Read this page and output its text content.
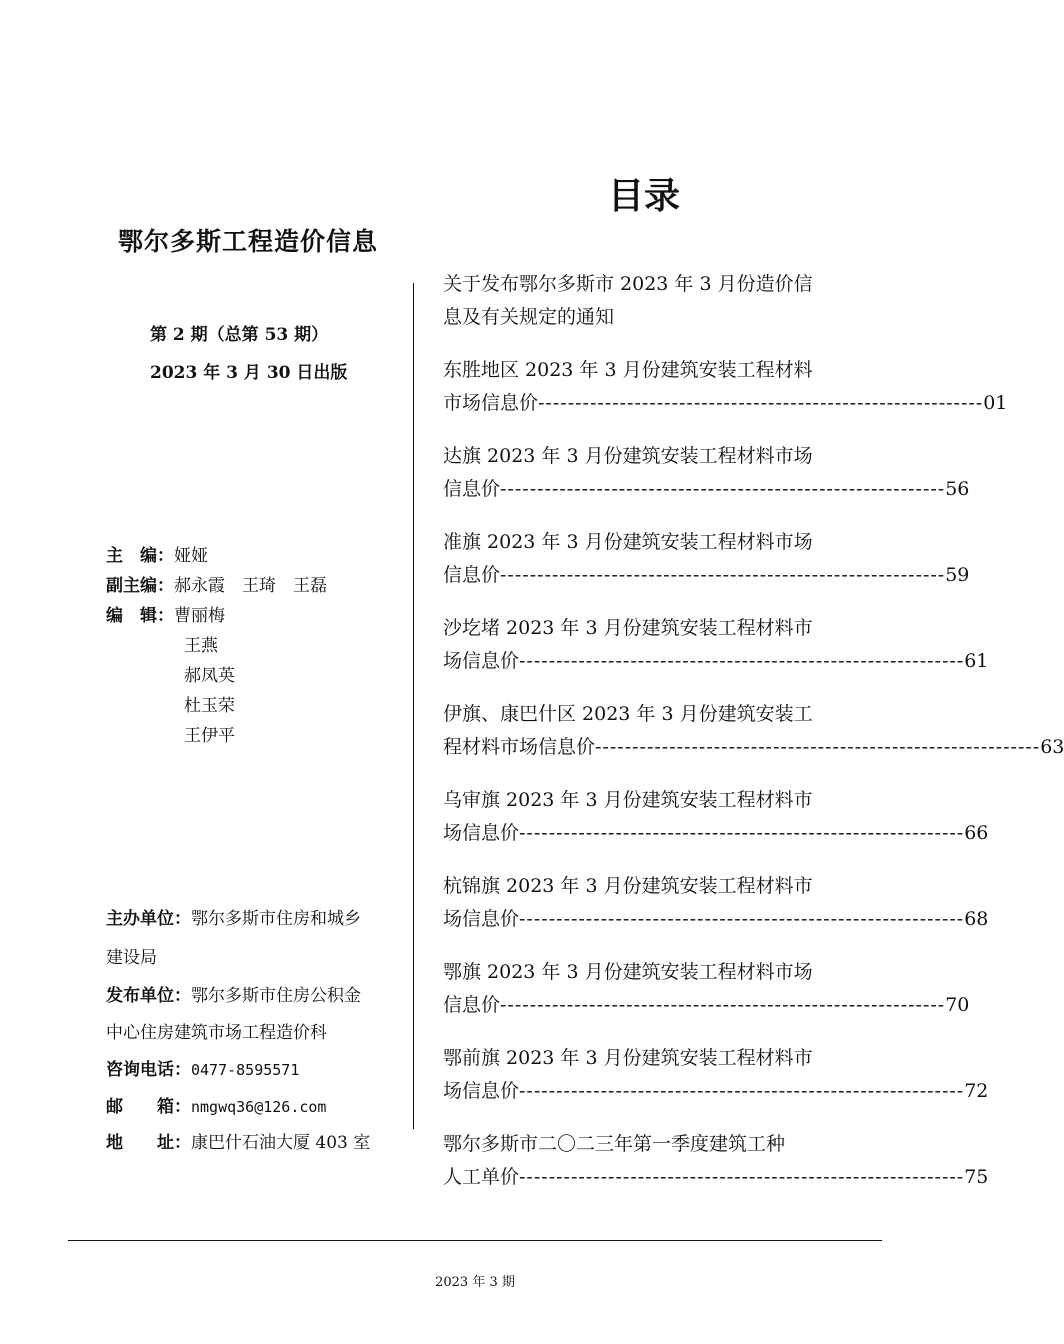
鄂尔多斯工程造价信息
第 2 期（总第 53 期）
2023 年 3 月 30 日出版
主　编：娅娅
副主编：郝永霞　王琦　王磊
编　辑：曹丽梅
王燕
郝凤英
杜玉荣
王伊平
主办单位：鄂尔多斯市住房和城乡
建设局
发布单位：鄂尔多斯市住房公积金
中心住房建筑市场工程造价科
咨询电话：0477-8595571
邮　　箱：nmgwq36@126.com
地　　址：康巴什石油大厦 403 室
目录
关于发布鄂尔多斯市 2023 年 3 月份造价信
息及有关规定的通知
东胜地区 2023 年 3 月份建筑安装工程材料
市场信息价 ------------------------------------------------------------ 01
达旗 2023 年 3 月份建筑安装工程材料市场
信息价 ------------------------------------------------------------ 56
准旗 2023 年 3 月份建筑安装工程材料市场
信息价 ------------------------------------------------------------ 59
沙圪堵 2023 年 3 月份建筑安装工程材料市
场信息价 ------------------------------------------------------------ 61
伊旗、康巴什区 2023 年 3 月份建筑安装工
程材料市场信息价 ------------------------------------------------------------ 63
乌审旗 2023 年 3 月份建筑安装工程材料市
场信息价 ------------------------------------------------------------ 66
杭锦旗 2023 年 3 月份建筑安装工程材料市
场信息价 ------------------------------------------------------------ 68
鄂旗 2023 年 3 月份建筑安装工程材料市场
信息价 ------------------------------------------------------------ 70
鄂前旗 2023 年 3 月份建筑安装工程材料市
场信息价 ------------------------------------------------------------ 72
鄂尔多斯市二〇二三年第一季度建筑工种
人工单价 ------------------------------------------------------------ 75
2023 年 3 期
